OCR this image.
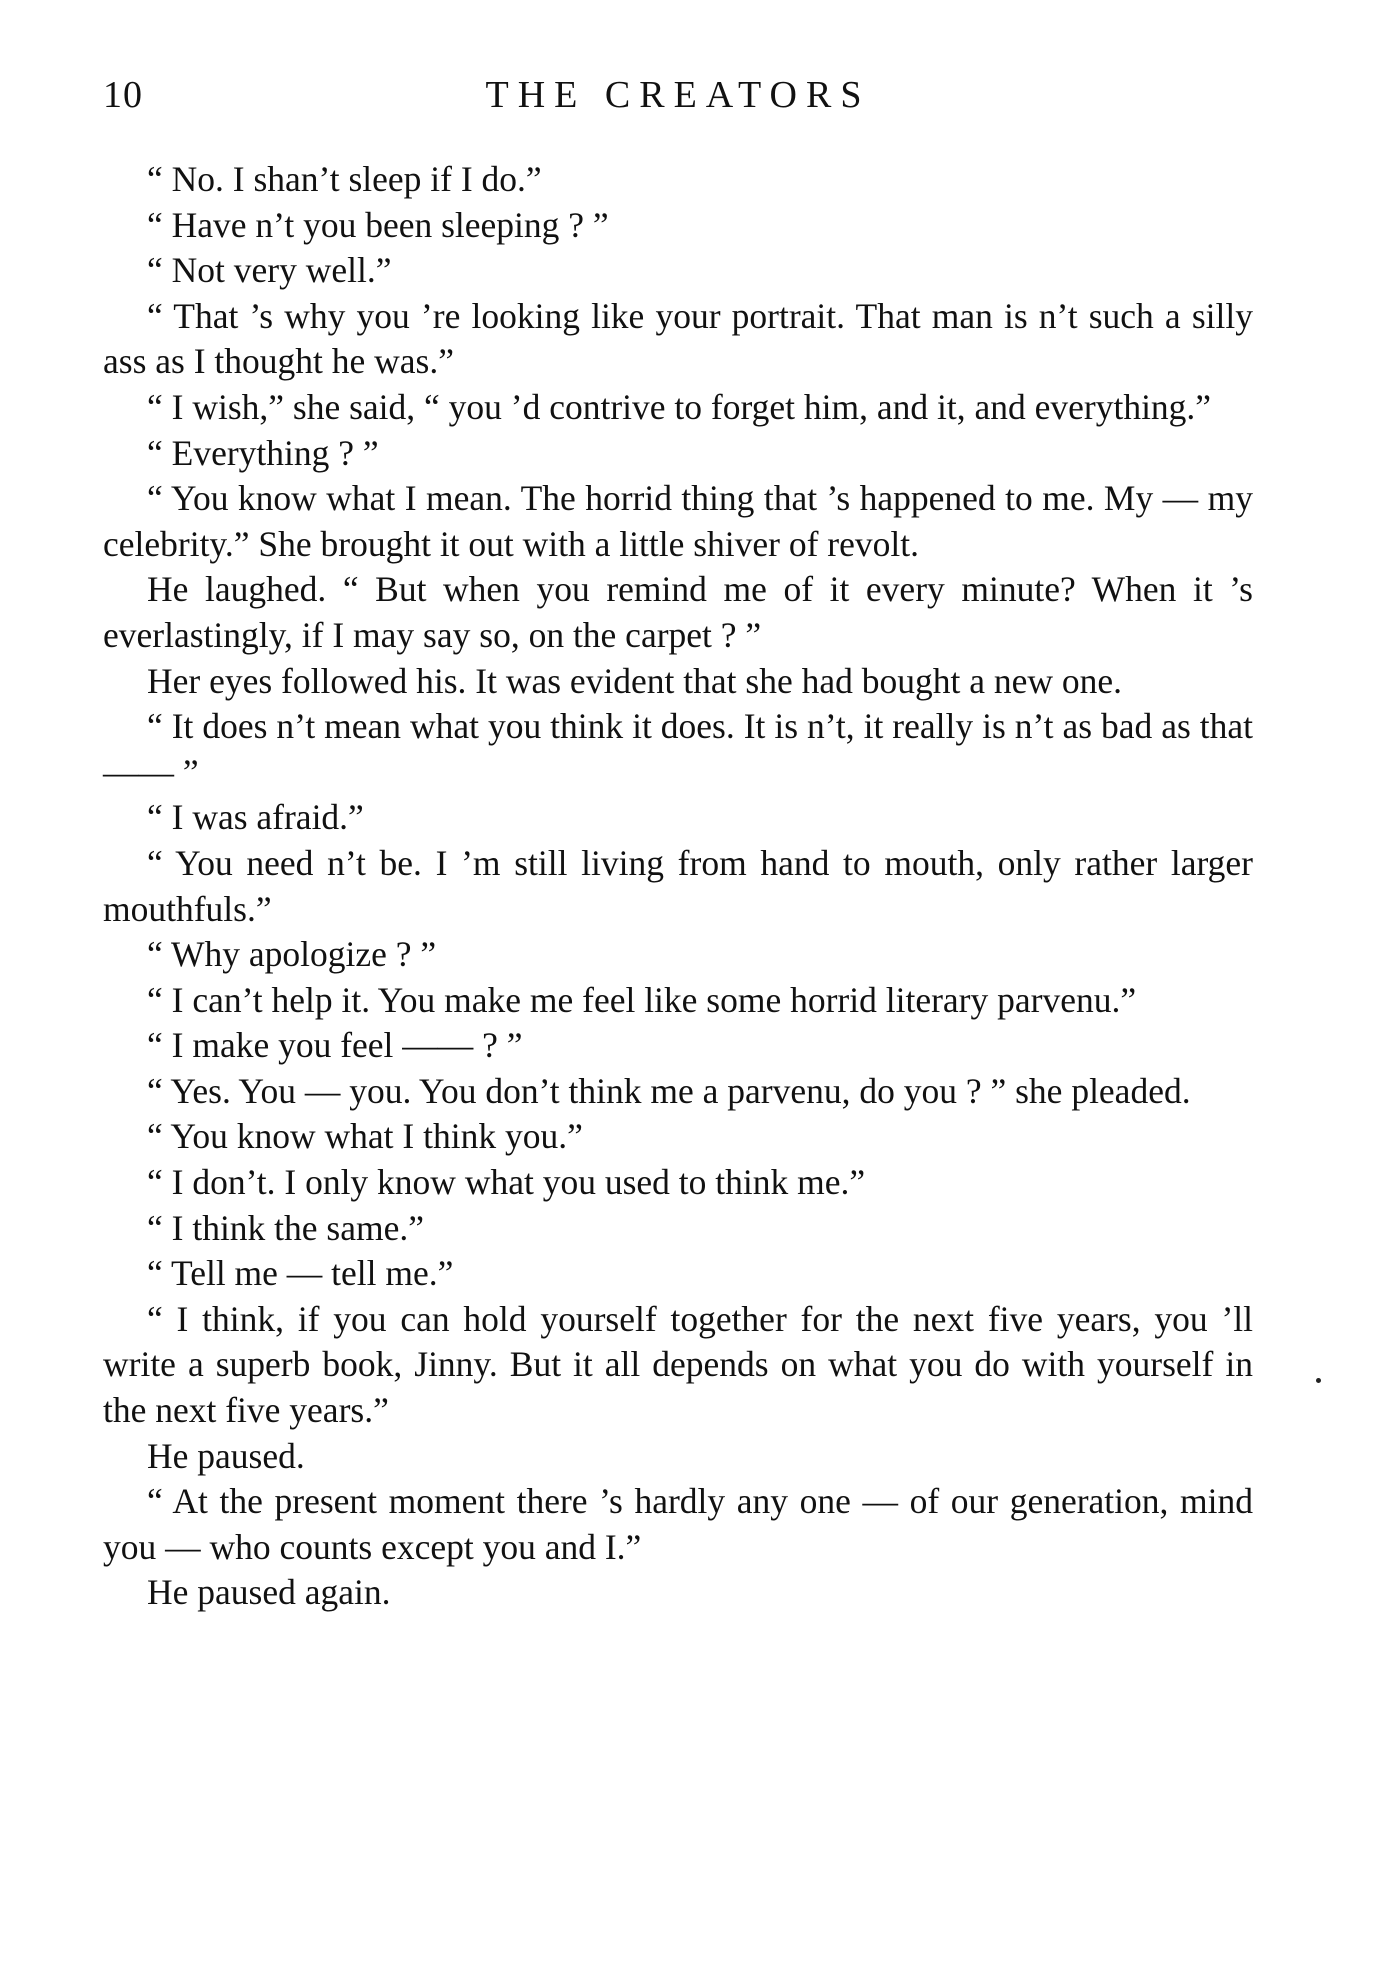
10	THE CREATORS

“ No. I shan’t sleep if I do.”

“ Have n’t you been sleeping ? ”

“ Not very well.”

“ That ’s why you ’re looking like your portrait. That man is n’t such a silly ass as I thought he was.”

“ I wish,” she said, “ you ’d contrive to forget him, and it, and everything.”

“ Everything ? ”

“ You know what I mean. The horrid thing that ’s happened to me. My — my celebrity.” She brought it out with a little shiver of revolt.

He laughed. “ But when you remind me of it every minute? When it ’s everlastingly, if I may say so, on the carpet ? ”

Her eyes followed his. It was evident that she had bought a new one.

“ It does n’t mean what you think it does. It is n’t, it really is n’t as bad as that —— ”

“ I was afraid.”

“ You need n’t be. I ’m still living from hand to mouth, only rather larger mouthfuls.”

“ Why apologize ? ”

“ I can’t help it. You make me feel like some horrid literary parvenu.”

“ I make you feel —— ? ”

“ Yes. You — you. You don’t think me a parvenu, do you ? ” she pleaded.

“ You know what I think you.”

“ I don’t. I only know what you used to think me.”

“ I think the same.”

“ Tell me — tell me.”

“ I think, if you can hold yourself together for the next five years, you ’ll write a superb book, Jinny. But it all depends on what you do with yourself in the next five years.”

He paused.

“ At the present moment there ’s hardly any one — of our generation, mind you — who counts except you and I.”

He paused again.
